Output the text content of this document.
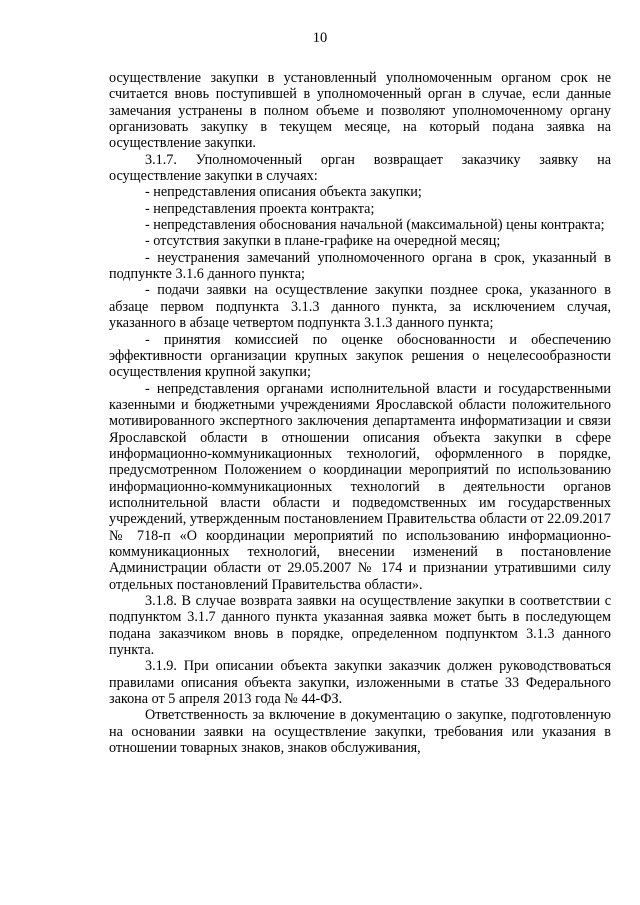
10

осуществление закупки в установленный уполномоченным органом срок не считается вновь поступившей в уполномоченный орган в случае, если данные замечания устранены в полном объеме и позволяют уполномоченному органу организовать закупку в текущем месяце, на который подана заявка на осуществление закупки.

3.1.7. Уполномоченный орган возвращает заказчику заявку на осуществление закупки в случаях:

- непредставления описания объекта закупки;

- непредставления проекта контракта;

- непредставления обоснования начальной (максимальной) цены контракта;

- отсутствия закупки в плане-графике на очередной месяц;

- неустранения замечаний уполномоченного органа в срок, указанный в подпункте 3.1.6 данного пункта;

- подачи заявки на осуществление закупки позднее срока, указанного в абзаце первом подпункта 3.1.3 данного пункта, за исключением случая, указанного в абзаце четвертом подпункта 3.1.3 данного пункта;

- принятия комиссией по оценке обоснованности и обеспечению эффективности организации крупных закупок решения о нецелесообразности осуществления крупной закупки;

- непредставления органами исполнительной власти и государственными казенными и бюджетными учреждениями Ярославской области положительного мотивированного экспертного заключения департамента информатизации и связи Ярославской области в отношении описания объекта закупки в сфере информационно-коммуникационных технологий, оформленного в порядке, предусмотренном Положением о координации мероприятий по использованию информационно-коммуникационных технологий в деятельности органов исполнительной власти области и подведомственных им государственных учреждений, утвержденным постановлением Правительства области от 22.09.2017 № 718-п «О координации мероприятий по использованию информационно-коммуникационных технологий, внесении изменений в постановление Администрации области от 29.05.2007 № 174 и признании утратившими силу отдельных постановлений Правительства области».

3.1.8. В случае возврата заявки на осуществление закупки в соответствии с подпунктом 3.1.7 данного пункта указанная заявка может быть в последующем подана заказчиком вновь в порядке, определенном подпунктом 3.1.3 данного пункта.

3.1.9. При описании объекта закупки заказчик должен руководствоваться правилами описания объекта закупки, изложенными в статье 33 Федерального закона от 5 апреля 2013 года № 44-ФЗ.

Ответственность за включение в документацию о закупке, подготовленную на основании заявки на осуществление закупки, требования или указания в отношении товарных знаков, знаков обслуживания,
